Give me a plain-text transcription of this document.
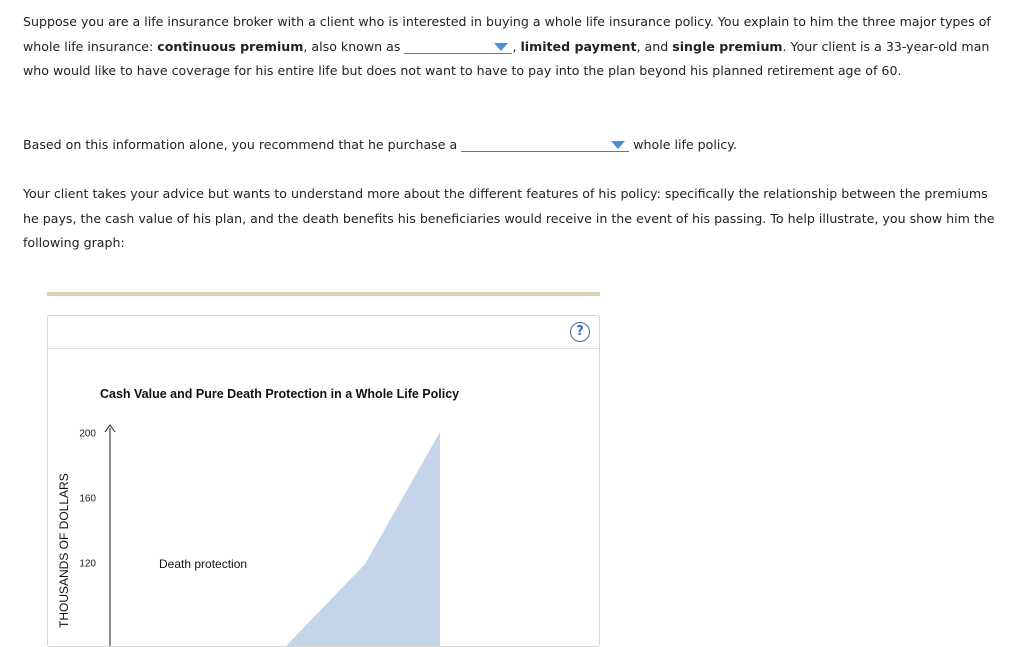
Suppose you are a life insurance broker with a client who is interested in buying a whole life insurance policy. You explain to him the three major types of whole life insurance: continuous premium, also known as	, limited payment, and single premium. Your client is a 33-year-old man who would like to have coverage for his entire life but does not want to have to pay into the plan beyond his planned retirement age of 60.

Based on this information alone, you recommend that he purchase a	whole life policy.

Your client takes your advice but wants to understand more about the different features of his policy: specifically the relationship between the premiums he pays, the cash value of his plan, and the death benefits his beneficiaries would receive in the event of his passing. To help illustrate, you show him the following graph:

?
Cash Value and Pure Death Protection in a Whole Life Policy
120
160
200
Death protection
THOUSANDS OF DOLLARS
